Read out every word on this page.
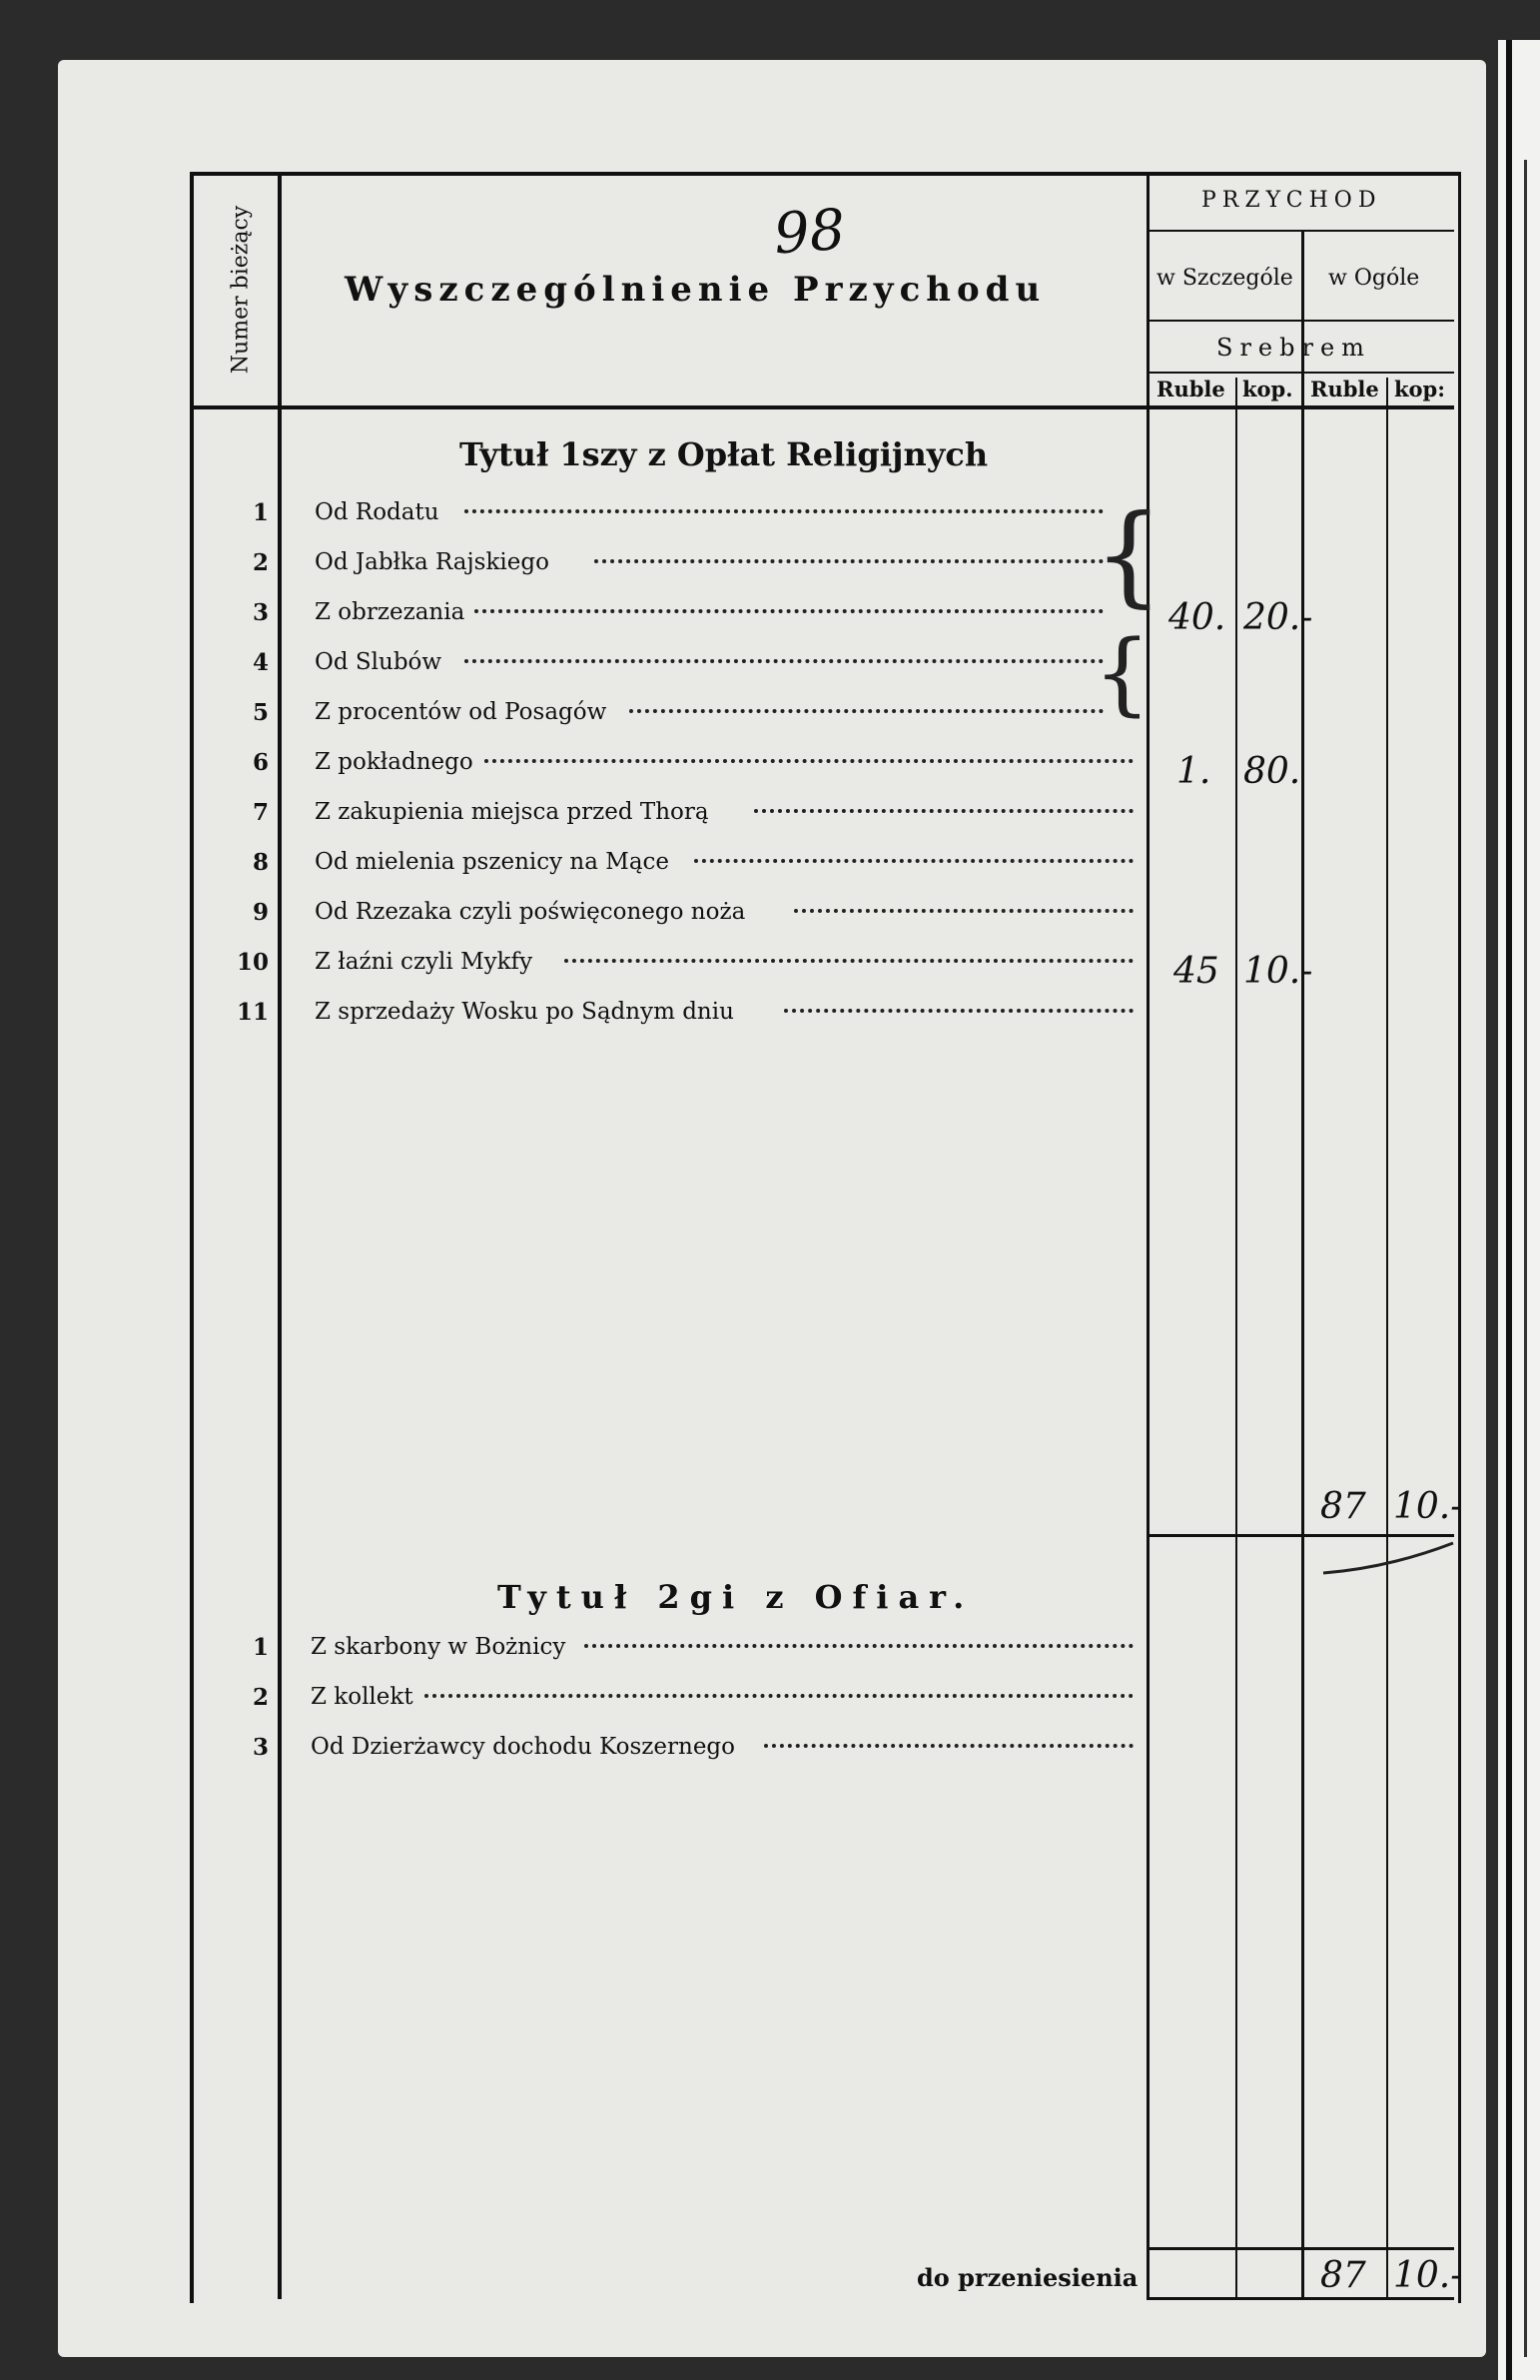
Numer bieżący	98
Wyszczególnienie Przychodu
PRZYCHOD
w Szczególe w Ogóle
Srebrem
Ruble kop. Ruble kop:
Tytuł 1szy z Opłat Religijnych
1 Od Rodatu
2 Od Jabłka Rajskiego
3 Z obrzezania
4 Od Slubów
5 Z procentów od Posagów
6 Z pokładnego
7 Z zakupienia miejsca przed Thorą
8 Od mielenia pszenicy na Mące
9 Od Rzezaka czyli poświęconego noża
10 Z łaźni czyli Mykfy
11 Z sprzedaży Wosku po Sądnym dniu
{
{
40. 20.-
1. 80.
45 10.-
87 10.-
Tytuł 2gi z Ofiar.
1 Z skarbony w Bożnicy
2 Z kollekt
3 Od Dzierżawcy dochodu Koszernego
do przeniesienia	87 10.-
